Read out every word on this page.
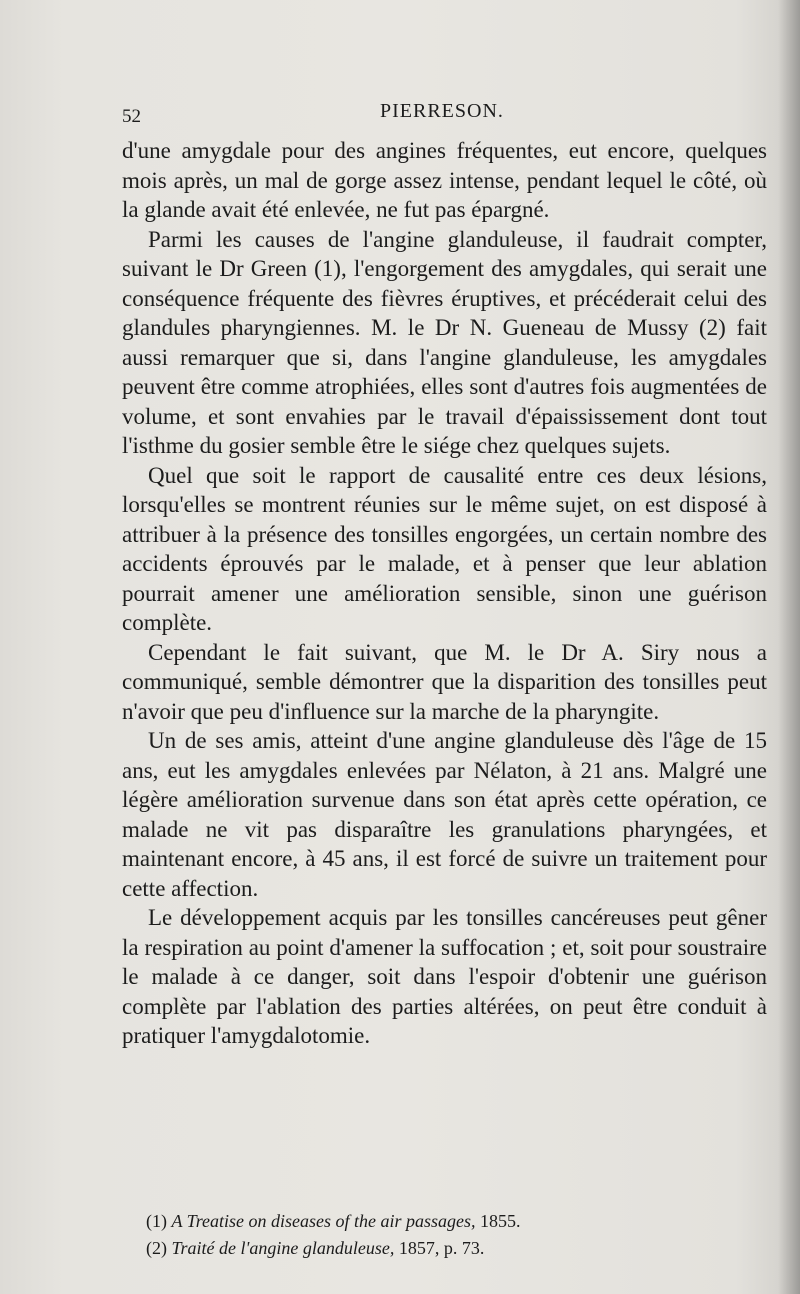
52	PIERRESON.

d'une amygdale pour des angines fréquentes, eut encore, quelques mois après, un mal de gorge assez intense, pendant lequel le côté, où la glande avait été enlevée, ne fut pas épargné.

Parmi les causes de l'angine glanduleuse, il faudrait compter, suivant le Dr Green (1), l'engorgement des amygdales, qui serait une conséquence fréquente des fièvres éruptives, et précéderait celui des glandules pharyngiennes. M. le Dr N. Gueneau de Mussy (2) fait aussi remarquer que si, dans l'angine glanduleuse, les amygdales peuvent être comme atrophiées, elles sont d'autres fois augmentées de volume, et sont envahies par le travail d'épaississement dont tout l'isthme du gosier semble être le siége chez quelques sujets.

Quel que soit le rapport de causalité entre ces deux lésions, lorsqu'elles se montrent réunies sur le même sujet, on est disposé à attribuer à la présence des tonsilles engorgées, un certain nombre des accidents éprouvés par le malade, et à penser que leur ablation pourrait amener une amélioration sensible, sinon une guérison complète.

Cependant le fait suivant, que M. le Dr A. Siry nous a communiqué, semble démontrer que la disparition des tonsilles peut n'avoir que peu d'influence sur la marche de la pharyngite.

Un de ses amis, atteint d'une angine glanduleuse dès l'âge de 15 ans, eut les amygdales enlevées par Nélaton, à 21 ans. Malgré une légère amélioration survenue dans son état après cette opération, ce malade ne vit pas disparaître les granulations pharyngées, et maintenant encore, à 45 ans, il est forcé de suivre un traitement pour cette affection.

Le développement acquis par les tonsilles cancéreuses peut gêner la respiration au point d'amener la suffocation ; et, soit pour soustraire le malade à ce danger, soit dans l'espoir d'obtenir une guérison complète par l'ablation des parties altérées, on peut être conduit à pratiquer l'amygdalotomie.

(1) A Treatise on diseases of the air passages, 1855.

(2) Traité de l'angine glanduleuse, 1857, p. 73.
